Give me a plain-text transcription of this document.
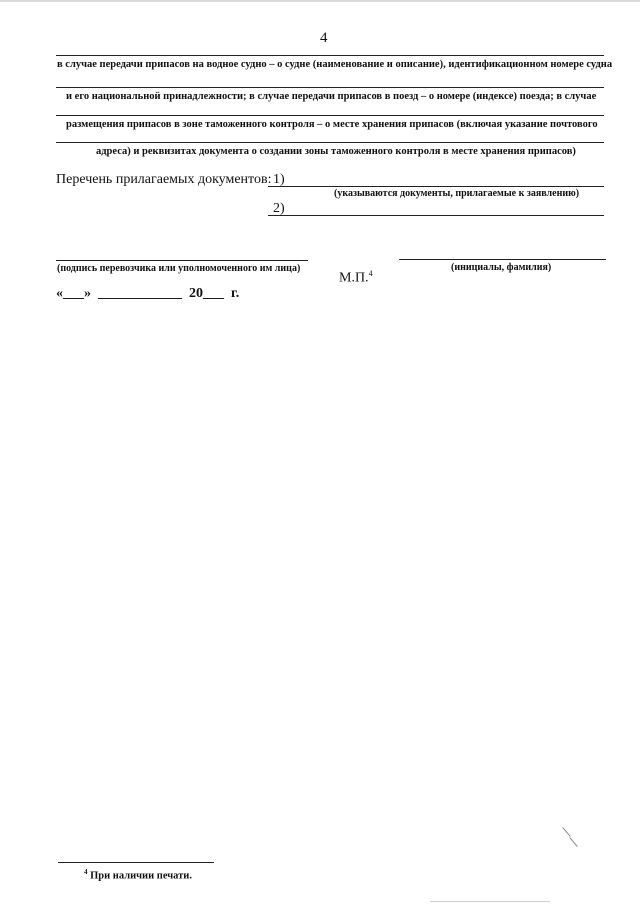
4
в случае передачи припасов на водное судно – о судне (наименование и описание), идентификационном номере судна
и его национальной принадлежности; в случае передачи припасов в поезд – о номере (индексе) поезда; в случае
размещения припасов в зоне таможенного контроля – о месте хранения припасов (включая указание почтового
адреса) и реквизитах документа о создании зоны таможенного контроля в месте хранения припасов)
Перечень прилагаемых документов: 1)
(указываются документы, прилагаемые к заявлению)
2)
(подпись перевозчика или уполномоченного им лица)
М.П.$^4$
(инициалы, фамилия)
«___» ____________ 20___ г.
$^4$ При наличии печати.
